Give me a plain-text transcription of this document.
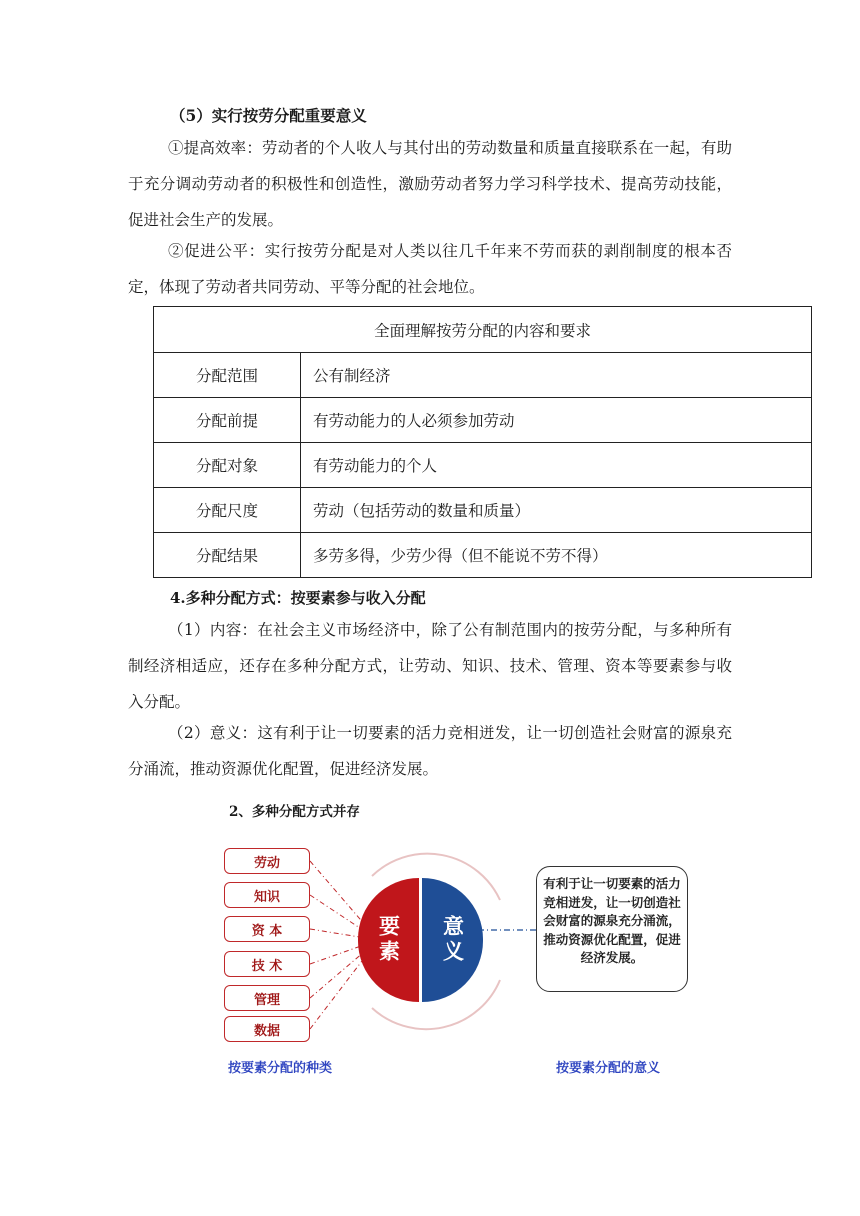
（5）实行按劳分配重要意义

①提高效率：劳动者的个人收人与其付出的劳动数量和质量直接联系在一起，有助于充分调动劳动者的积极性和创造性，激励劳动者努力学习科学技术、提高劳动技能，促进社会生产的发展。

②促进公平：实行按劳分配是对人类以往几千年来不劳而获的剥削制度的根本否定，体现了劳动者共同劳动、平等分配的社会地位。

全面理解按劳分配的内容和要求	
分配范围	公有制经济
分配前提	有劳动能力的人必须参加劳动
分配对象	有劳动能力的个人
分配尺度	劳动（包括劳动的数量和质量）
分配结果	多劳多得，少劳少得（但不能说不劳不得）

4.多种分配方式：按要素参与收入分配

（1）内容：在社会主义市场经济中，除了公有制范围内的按劳分配，与多种所有制经济相适应，还存在多种分配方式，让劳动、知识、技术、管理、资本等要素参与收入分配。

（2）意义：这有利于让一切要素的活力竞相迸发，让一切创造社会财富的源泉充分涌流，推动资源优化配置，促进经济发展。

2、多种分配方式并存
劳动
知识
资 本
技 术
管理
数据
要素	意义
有利于让一切要素的活力竞相迸发，让一切创造社会财富的源泉充分涌流，推动资源优化配置，促进经济发展。
按要素分配的种类	按要素分配的意义
